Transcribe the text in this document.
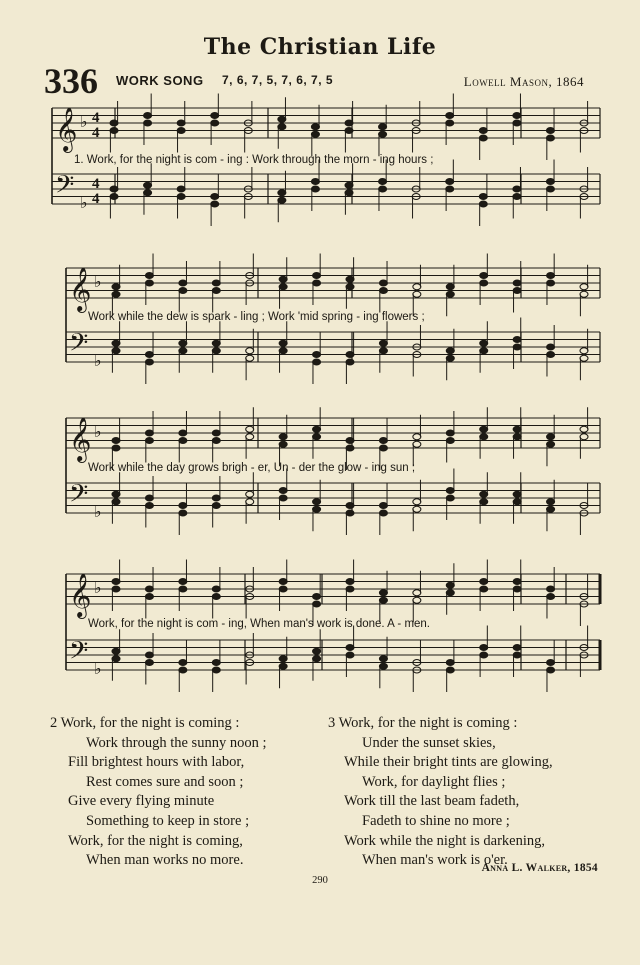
The Christian Life
336 WORK SONG 7, 6, 7, 5, 7, 6, 7, 5	Lowell Mason, 1864
𝄞 ♭ 4
4
𝄢 ♭
4
4
𝄞 ♭
𝄢 ♭
𝄞 ♭
𝄢 ♭
𝄞 ♭
𝄢 ♭
1. Work, for the night is com - ing : Work through the morn - ing hours ;
Work while the dew is spark - ling ; Work 'mid spring - ing flowers ;
Work while the day grows brigh - er, Un - der the glow - ing sun ;
Work, for the night is com - ing, When man's work is done. A - men.
2 Work, for the night is coming :
Work through the sunny noon ;
Fill brightest hours with labor,
Rest comes sure and soon ;
Give every flying minute
Something to keep in store ;
Work, for the night is coming,
When man works no more.
3 Work, for the night is coming :
Under the sunset skies,
While their bright tints are glowing,
Work, for daylight flies ;
Work till the last beam fadeth,
Fadeth to shine no more ;
Work while the night is darkening,
When man's work is o'er.
Anna L. Walker, 1854
290
